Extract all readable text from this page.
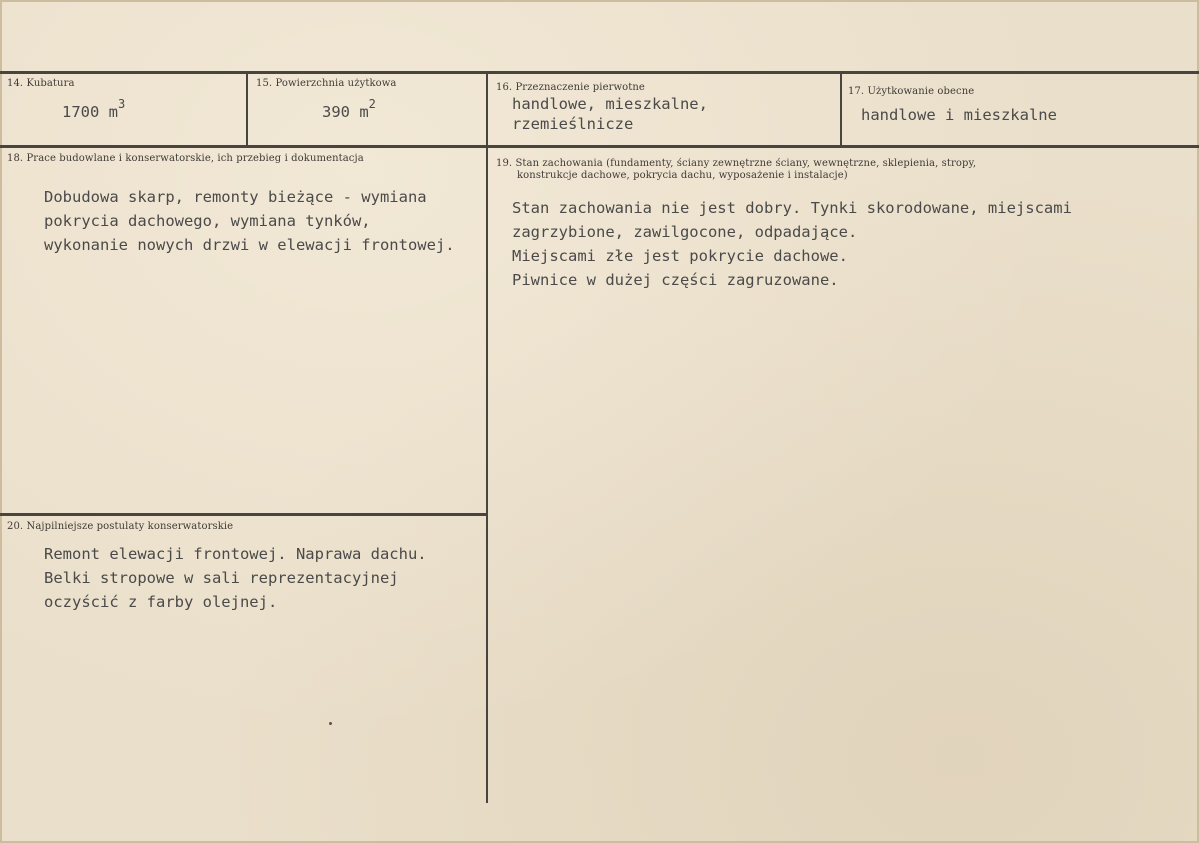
14. Kubatura
1700 $m^3$
15. Powierzchnia użytkowa
390 $m^2$
16. Przeznaczenie pierwotne
handlowe, mieszkalne,
rzemieślnicze
17. Użytkowanie obecne
handlowe i mieszkalne
18. Prace budowlane i konserwatorskie, ich przebieg i dokumentacja
Dobudowa skarp, remonty bieżące - wymiana
pokrycia dachowego, wymiana tynków,
wykonanie nowych drzwi w elewacji frontowej.
19. Stan zachowania (fundamenty, ściany zewnętrzne ściany, wewnętrzne, sklepienia, stropy,
konstrukcje dachowe, pokrycia dachu, wyposażenie i instalacje)
Stan zachowania nie jest dobry. Tynki skorodowane, miejscami
zagrzybione, zawilgocone, odpadające.
Miejscami złe jest pokrycie dachowe.
Piwnice w dużej części zagruzowane.
20. Najpilniejsze postulaty konserwatorskie
Remont elewacji frontowej. Naprawa dachu.
Belki stropowe w sali reprezentacyjnej
oczyścić z farby olejnej.
